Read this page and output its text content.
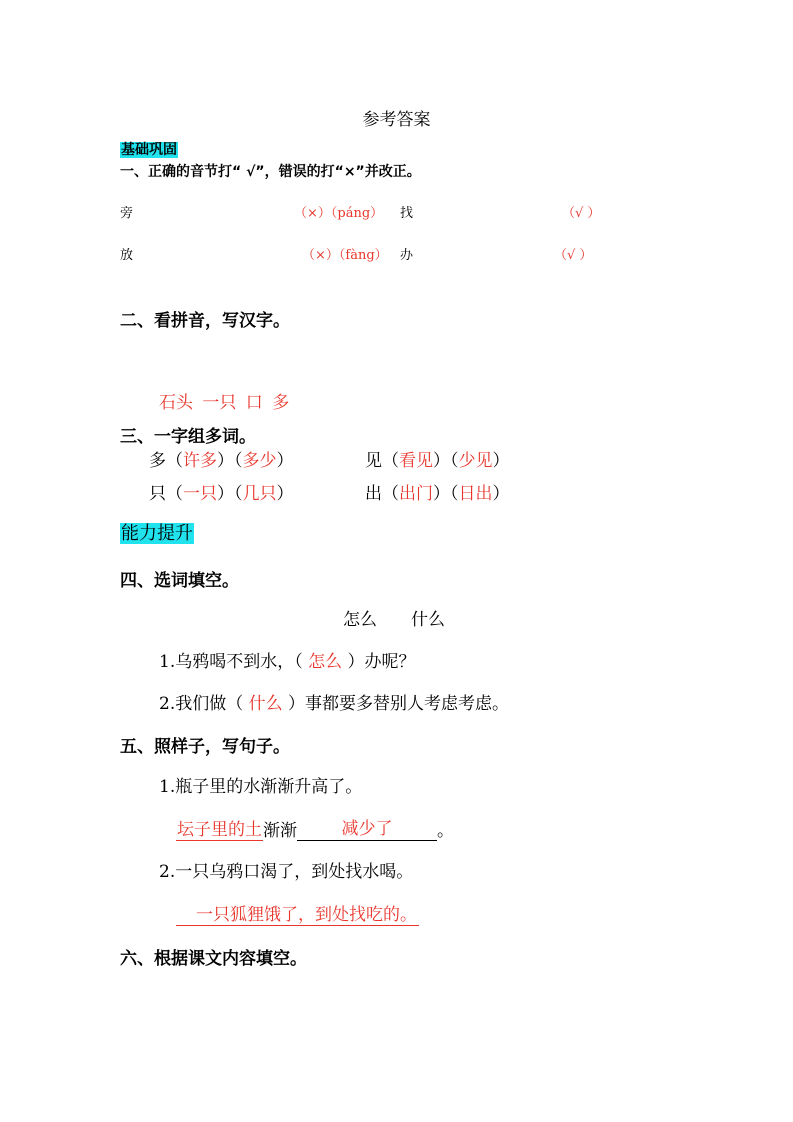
参考答案
基础巩固
一、正确的音节打“ √”，错误的打“×”并改正。
旁	（×）（páng） 找	（√ ）
放	（×）（fàng） 办	（√ ）
二、看拼音，写汉字。
石头 一只 口 多
三、一字组多词。
多（许多）（多少）	见（看见）（少见）
只（一只）（几只）	出（出门）（日出）
能力提升
四、选词填空。
怎么　　什么
1.乌鸦喝不到水，（ 怎么 ）办呢？
2.我们做（ 什么 ）事都要多替别人考虑考虑。
五、照样子，写句子。
1.瓶子里的水渐渐升高了。
坛子里的土渐渐	减少了	。
2.一只乌鸦口渴了，到处找水喝。
一只狐狸饿了，到处找吃的。
六、根据课文内容填空。
